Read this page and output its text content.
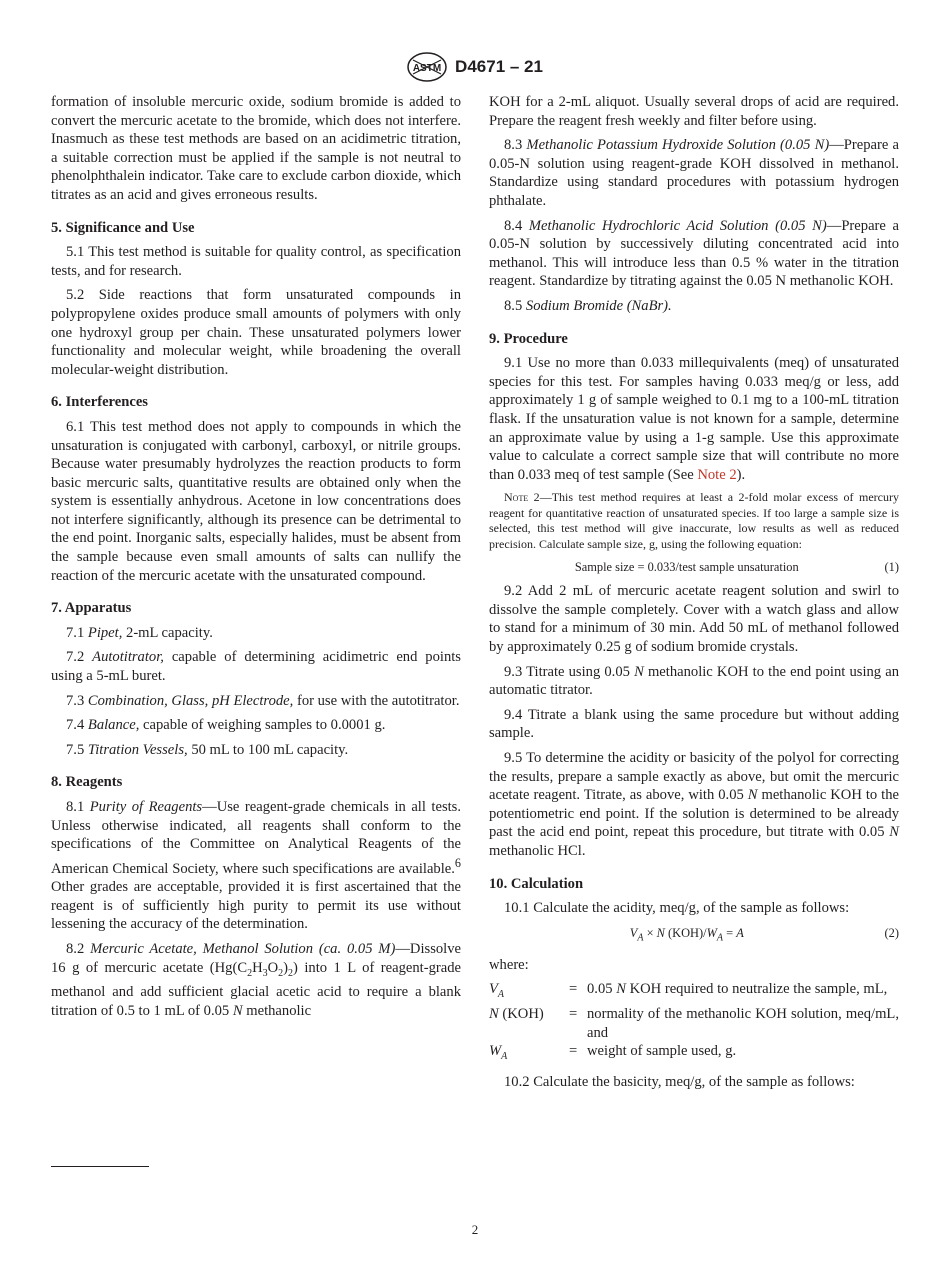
ASTM D4671 – 21

formation of insoluble mercuric oxide, sodium bromide is added to convert the mercuric acetate to the bromide, which does not interfere. Inasmuch as these test methods are based on an acidimetric titration, a suitable correction must be applied if the sample is not neutral to phenolphthalein indicator. Take care to exclude carbon dioxide, which titrates as an acid and gives erroneous results.

5. Significance and Use

5.1 This test method is suitable for quality control, as specification tests, and for research.

5.2 Side reactions that form unsaturated compounds in polypropylene oxides produce small amounts of polymers with only one hydroxyl group per chain. These unsaturated polymers lower functionality and molecular weight, while broadening the overall molecular-weight distribution.

6. Interferences

6.1 This test method does not apply to compounds in which the unsaturation is conjugated with carbonyl, carboxyl, or nitrile groups. Because water presumably hydrolyzes the reaction products to form basic mercuric salts, quantitative results are obtained only when the system is essentially anhydrous. Acetone in low concentrations does not interfere significantly, although its presence can be detrimental to the end point. Inorganic salts, especially halides, must be absent from the sample because even small amounts of salts can nullify the reaction of the mercuric acetate with the unsaturated compound.

7. Apparatus

7.1 Pipet, 2-mL capacity.

7.2 Autotitrator, capable of determining acidimetric end points using a 5-mL buret.

7.3 Combination, Glass, pH Electrode, for use with the autotitrator.

7.4 Balance, capable of weighing samples to 0.0001 g.

7.5 Titration Vessels, 50 mL to 100 mL capacity.

8. Reagents

8.1 Purity of Reagents—Use reagent-grade chemicals in all tests. Unless otherwise indicated, all reagents shall conform to the specifications of the Committee on Analytical Reagents of the American Chemical Society, where such specifications are available.$^6$ Other grades are acceptable, provided it is first ascertained that the reagent is of sufficiently high purity to permit its use without lessening the accuracy of the determination.

8.2 Mercuric Acetate, Methanol Solution (ca. 0.05 M)—Dissolve 16 g of mercuric acetate $(Hg(C_2H_3O_2)_2)$ into 1 L of reagent-grade methanol and add sufficient glacial acetic acid to require a blank titration of 0.5 to 1 mL of 0.05 N methanolic

KOH for a 2-mL aliquot. Usually several drops of acid are required. Prepare the reagent fresh weekly and filter before using.

8.3 Methanolic Potassium Hydroxide Solution (0.05 N)—Prepare a 0.05-N solution using reagent-grade KOH dissolved in methanol. Standardize using standard procedures with potassium hydrogen phthalate.

8.4 Methanolic Hydrochloric Acid Solution (0.05 N)—Prepare a 0.05-N solution by successively diluting concentrated acid into methanol. This will introduce less than 0.5 % water in the titration reagent. Standardize by titrating against the 0.05 N methanolic KOH.

8.5 Sodium Bromide (NaBr).

9. Procedure

9.1 Use no more than 0.033 millequivalents (meq) of unsaturated species for this test. For samples having 0.033 meq/g or less, add approximately 1 g of sample weighed to 0.1 mg to a 100-mL titration flask. If the unsaturation value is not known for a sample, determine an approximate value by using a 1-g sample. Use this approximate value to calculate a correct sample size that will contribute no more than 0.033 meq of test sample (See Note 2).

Note 2—This test method requires at least a 2-fold molar excess of mercury reagent for quantitative reaction of unsaturated species. If too large a sample size is selected, this test method will give inaccurate, low results as well as reduced precision. Calculate sample size, g, using the following equation:

Sample size = 0.033/test sample unsaturation	(1)

9.2 Add 2 mL of mercuric acetate reagent solution and swirl to dissolve the sample completely. Cover with a watch glass and allow to stand for a minimum of 30 min. Add 50 mL of methanol followed by approximately 0.25 g of sodium bromide crystals.

9.3 Titrate using 0.05 N methanolic KOH to the end point using an automatic titrator.

9.4 Titrate a blank using the same procedure but without adding sample.

9.5 To determine the acidity or basicity of the polyol for correcting the results, prepare a sample exactly as above, but omit the mercuric acetate reagent. Titrate, as above, with 0.05 N methanolic KOH to the potentiometric end point. If the solution is determined to be already past the acid end point, repeat this procedure, but titrate with 0.05 N methanolic HCl.

10. Calculation

10.1 Calculate the acidity, meq/g, of the sample as follows:

$V_A \times N$ $(KOH)/W_A = A$	(2)

where:

$V_A$	= 0.05 N KOH required to neutralize the sample, mL,
N (KOH)	= normality of the methanolic KOH solution, meq/mL, and
$W_A$	= weight of sample used, g.

10.2 Calculate the basicity, meq/g, of the sample as follows:

2
